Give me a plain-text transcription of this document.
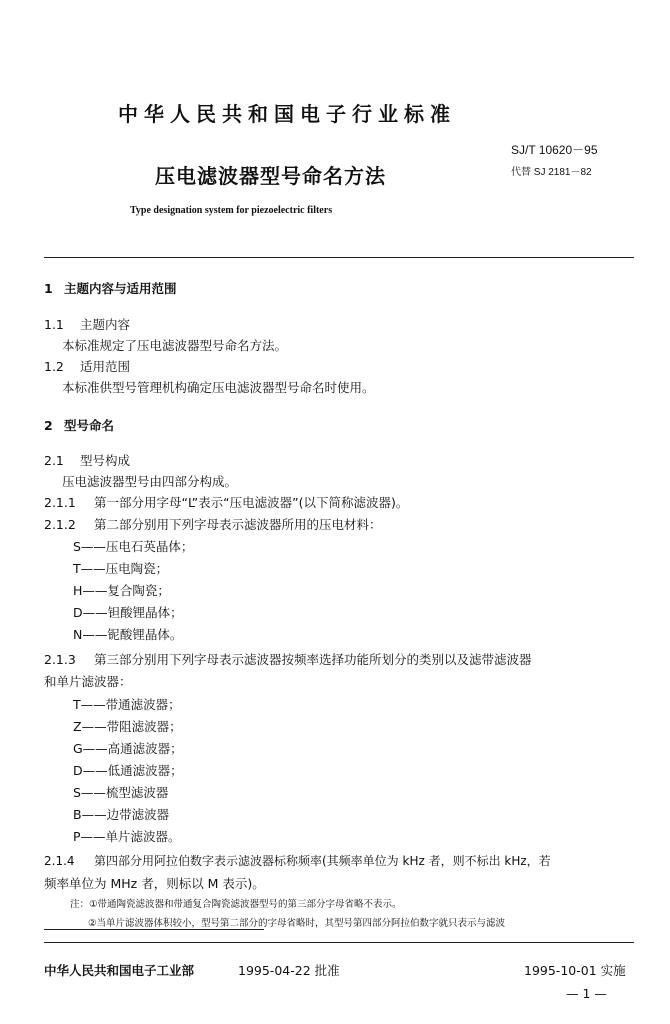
中华人民共和国电子行业标准
SJ/T 10620－95
压电滤波器型号命名方法	代替 SJ 2181－82
Type designation system for piezoelectric filters
1 主题内容与适用范围
1.1 主题内容
本标准规定了压电滤波器型号命名方法。
1.2 适用范围
本标准供型号管理机构确定压电滤波器型号命名时使用。
2 型号命名
2.1 型号构成
压电滤波器型号由四部分构成。
2.1.1 第一部分用字母“L”表示“压电滤波器”(以下简称滤波器)。
2.1.2 第二部分别用下列字母表示滤波器所用的压电材料：
S——压电石英晶体；
T——压电陶瓷；
H——复合陶瓷；
D——钽酸锂晶体；
N——铌酸锂晶体。
2.1.3 第三部分别用下列字母表示滤波器按频率选择功能所划分的类别以及滤带滤波器
和单片滤波器：
T——带通滤波器；
Z——带阻滤波器；
G——高通滤波器；
D——低通滤波器；
S——梳型滤波器
B——边带滤波器
P——单片滤波器。
2.1.4 第四部分用阿拉伯数字表示滤波器标称频率(其频率单位为 kHz 者，则不标出 kHz，若
频率单位为 MHz 者，则标以 M 表示)。
注：①带通陶瓷滤波器和带通复合陶瓷滤波器型号的第三部分字母省略不表示。
②当单片滤波器体积较小，型号第二部分的字母省略时，其型号第四部分阿拉伯数字就只表示与滤波
中华人民共和国电子工业部	1995-04-22 批准	1995-10-01 实施
— 1 —
